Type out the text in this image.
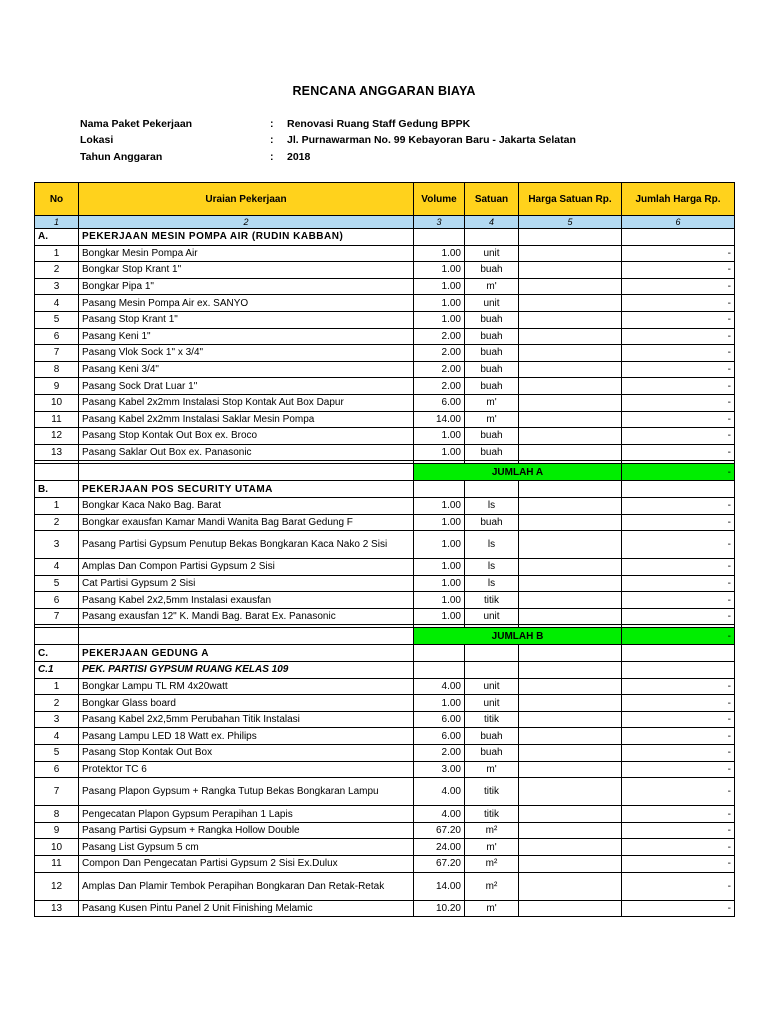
RENCANA ANGGARAN BIAYA
Nama Paket Pekerjaan	: Renovasi Ruang Staff Gedung BPPK
Lokasi	: Jl. Purnawarman No. 99 Kebayoran Baru - Jakarta Selatan
Tahun Anggaran	: 2018
No	Uraian Pekerjaan	Volume	Satuan	Harga Satuan Rp.	Jumlah Harga Rp.
1	2	3	4	5	6
A.	PEKERJAAN MESIN POMPA AIR (RUDIN KABBAN)				
1	Bongkar Mesin Pompa Air	1.00	unit		-
2	Bongkar Stop Krant 1"	1.00	buah		-
3	Bongkar Pipa 1"	1.00	m'		-
4	Pasang Mesin Pompa Air ex. SANYO	1.00	unit		-
5	Pasang Stop Krant 1"	1.00	buah		-
6	Pasang Keni 1"	2.00	buah		-
7	Pasang Vlok Sock 1" x 3/4"	2.00	buah		-
8	Pasang Keni 3/4"	2.00	buah		-
9	Pasang Sock Drat Luar 1"	2.00	buah		-
10	Pasang Kabel 2x2mm Instalasi Stop Kontak Aut Box Dapur	6.00	m'		-
11	Pasang Kabel 2x2mm Instalasi Saklar Mesin Pompa	14.00	m'		-
12	Pasang Stop Kontak Out Box ex. Broco	1.00	buah		-
13	Pasang Saklar Out Box ex. Panasonic	1.00	buah		-

		JUMLAH A			-
B.	PEKERJAAN POS SECURITY UTAMA				
1	Bongkar Kaca Nako Bag. Barat	1.00	ls		-
2	Bongkar exausfan Kamar Mandi Wanita Bag Barat Gedung F	1.00	buah		-
3	Pasang Partisi Gypsum Penutup Bekas Bongkaran Kaca Nako 2 Sisi	1.00	ls		-
4	Amplas Dan Compon Partisi Gypsum 2 Sisi	1.00	ls		-
5	Cat Partisi Gypsum 2 Sisi	1.00	ls		-
6	Pasang Kabel 2x2,5mm Instalasi exausfan	1.00	titik		-
7	Pasang exausfan 12" K. Mandi Bag. Barat Ex. Panasonic	1.00	unit		-

		JUMLAH B			-
C.	PEKERJAAN GEDUNG A				
C.1	PEK. PARTISI GYPSUM RUANG KELAS 109				
1	Bongkar Lampu TL RM 4x20watt	4.00	unit		-
2	Bongkar Glass board	1.00	unit		-
3	Pasang Kabel 2x2,5mm Perubahan Titik Instalasi	6.00	titik		-
4	Pasang Lampu LED 18 Watt ex. Philips	6.00	buah		-
5	Pasang Stop Kontak Out Box	2.00	buah		-
6	Protektor TC 6	3.00	m'		-
7	Pasang Plapon Gypsum + Rangka Tutup Bekas Bongkaran Lampu	4.00	titik		-
8	Pengecatan Plapon Gypsum Perapihan 1 Lapis	4.00	titik		-
9	Pasang Partisi Gypsum + Rangka Hollow Double	67.20	m²		-
10	Pasang List Gypsum 5 cm	24.00	m'		-
11	Compon Dan Pengecatan Partisi Gypsum 2 Sisi Ex.Dulux	67.20	m²		-
12	Amplas Dan Plamir Tembok Perapihan Bongkaran Dan Retak-Retak	14.00	m²		-
13	Pasang Kusen Pintu Panel 2 Unit Finishing Melamic	10.20	m'		-
